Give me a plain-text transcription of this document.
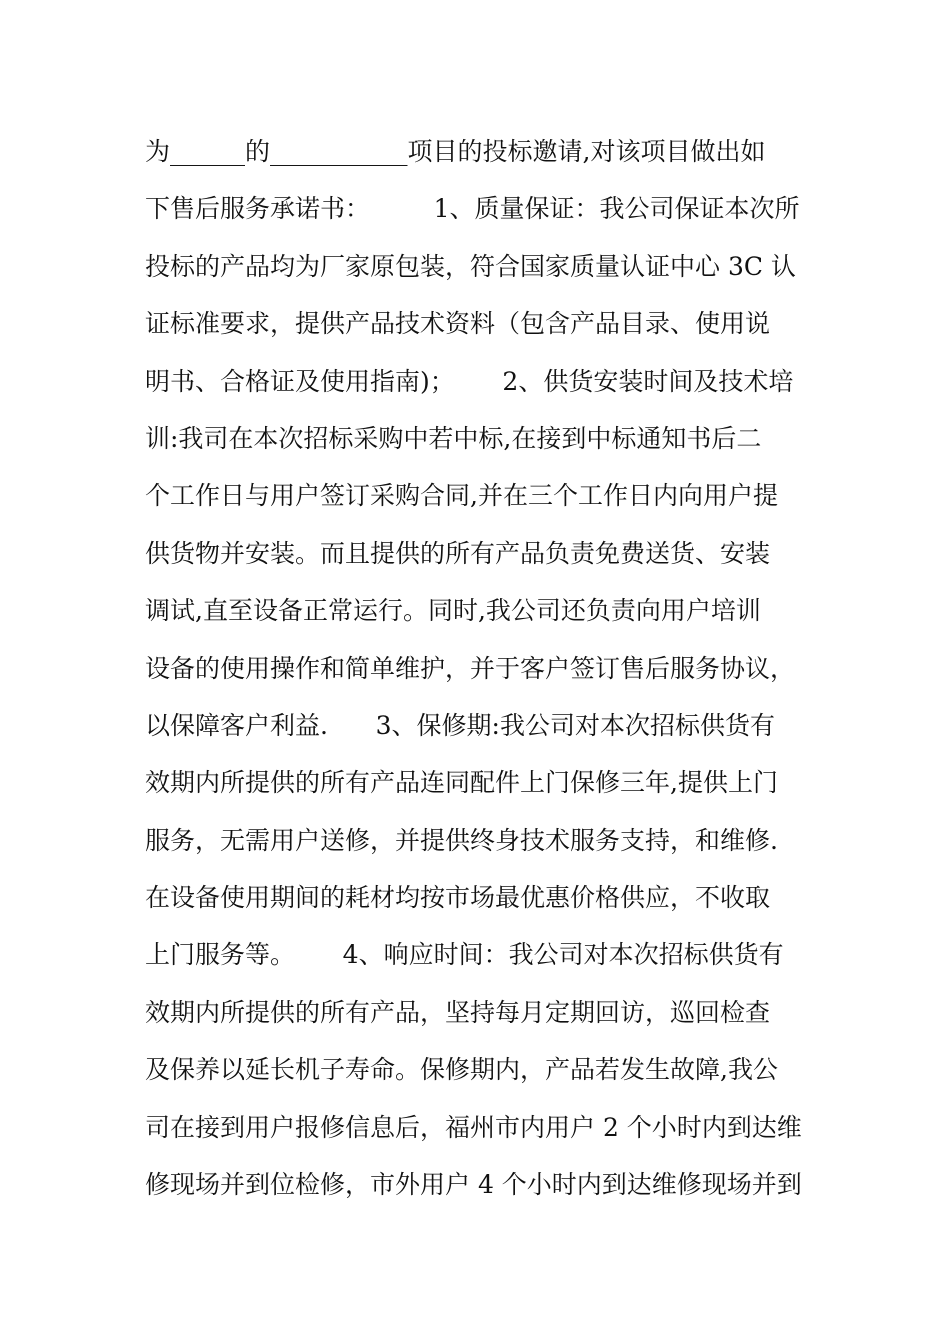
为______的___________项目的投标邀请,对该项目做出如
下售后服务承诺书：        1、质量保证：我公司保证本次所
投标的产品均为厂家原包装，符合国家质量认证中心 3C 认
证标准要求，提供产品技术资料（包含产品目录、使用说
明书、合格证及使用指南)；      2、供货安装时间及技术培
训:我司在本次招标采购中若中标,在接到中标通知书后二
个工作日与用户签订采购合同,并在三个工作日内向用户提
供货物并安装。而且提供的所有产品负责免费送货、安装
调试,直至设备正常运行。同时,我公司还负责向用户培训
设备的使用操作和简单维护，并于客户签订售后服务协议，
以保障客户利益.      3、保修期:我公司对本次招标供货有
效期内所提供的所有产品连同配件上门保修三年,提供上门
服务，无需用户送修，并提供终身技术服务支持，和维修.
在设备使用期间的耗材均按市场最优惠价格供应，不收取
上门服务等。      4、响应时间：我公司对本次招标供货有
效期内所提供的所有产品，坚持每月定期回访，巡回检查
及保养以延长机子寿命。保修期内，产品若发生故障,我公
司在接到用户报修信息后，福州市内用户 2 个小时内到达维
修现场并到位检修，市外用户 4 个小时内到达维修现场并到
